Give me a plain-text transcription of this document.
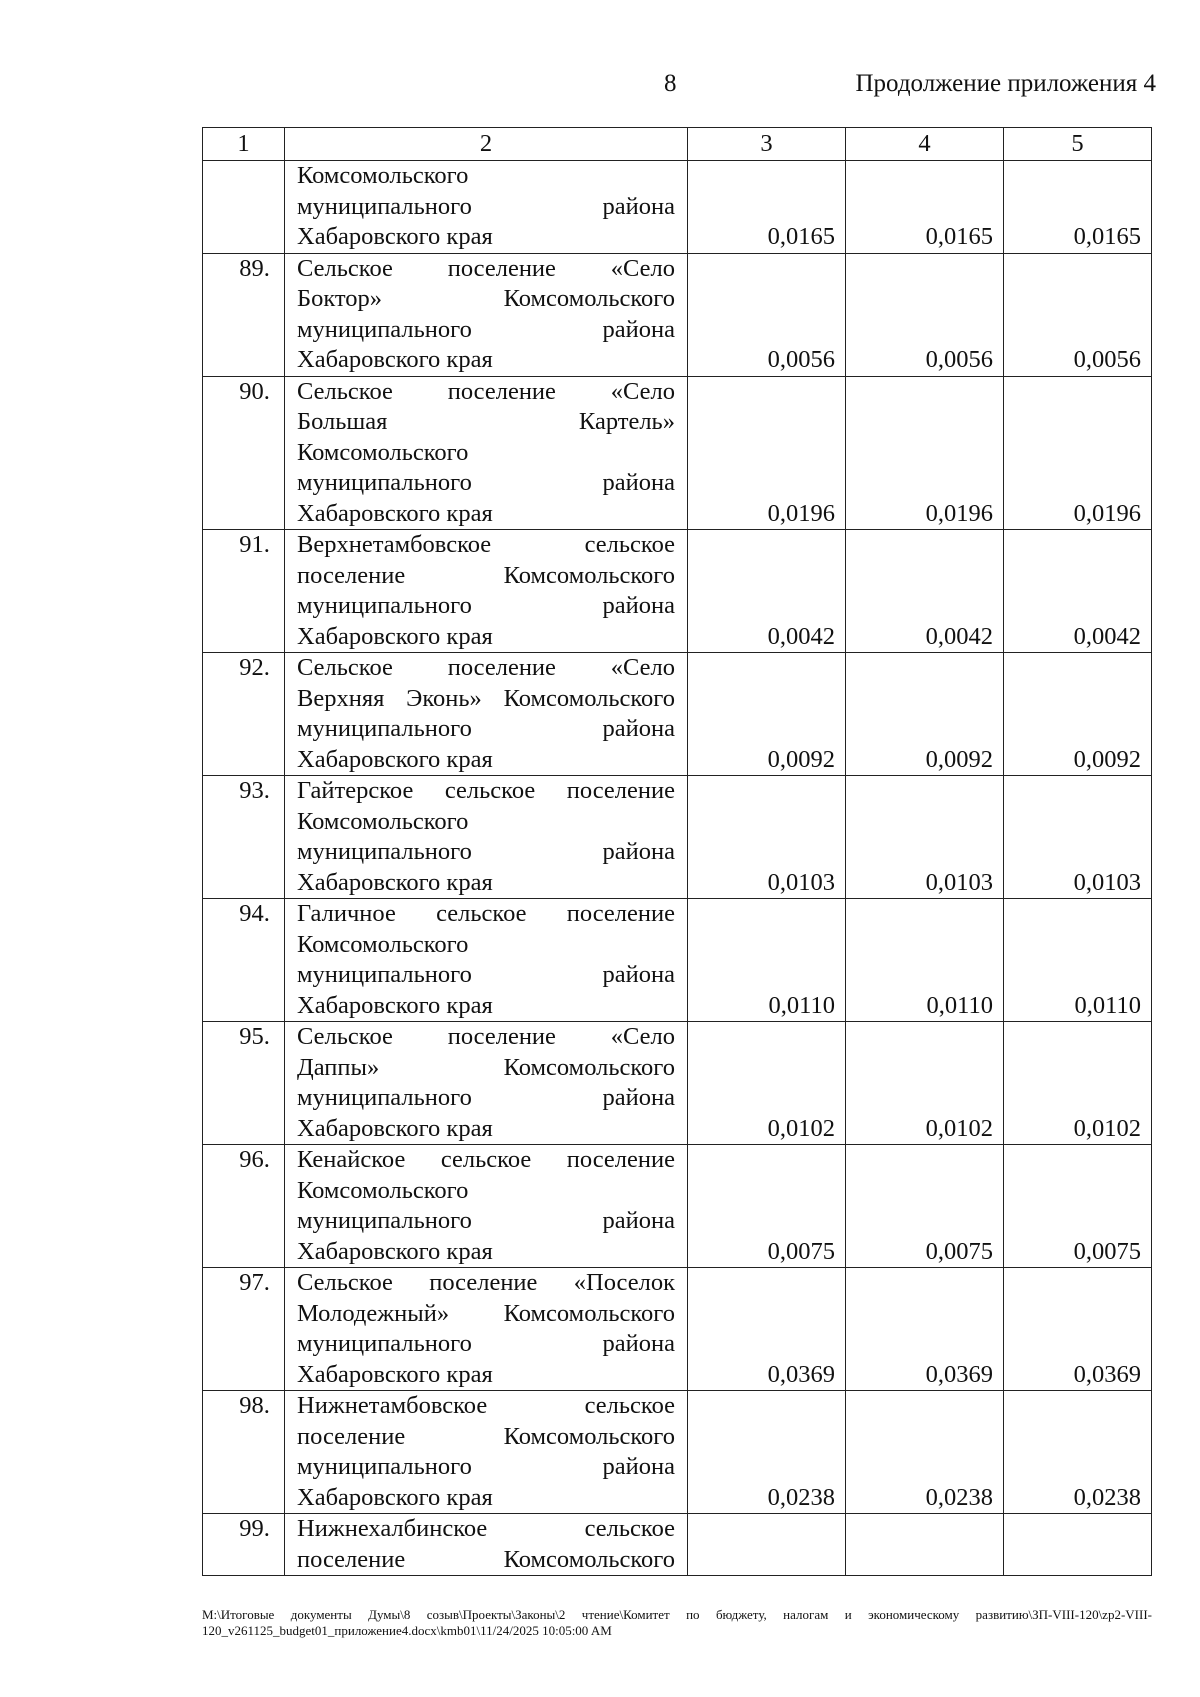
8	Продолжение приложения 4
1	2	3	4	5

	Комсомольского
муниципального района
Хабаровского края	0,0165	0,0165	0,0165
89.	Сельское поселение «Село
Боктор» Комсомольского
муниципального района
Хабаровского края	0,0056	0,0056	0,0056
90.	Сельское поселение «Село
Большая Картель»
Комсомольского
муниципального района
Хабаровского края	0,0196	0,0196	0,0196
91.	Верхнетамбовское сельское
поселение Комсомольского
муниципального района
Хабаровского края	0,0042	0,0042	0,0042
92.	Сельское поселение «Село
Верхняя Эконь» Комсомольского
муниципального района
Хабаровского края	0,0092	0,0092	0,0092
93.	Гайтерское сельское поселение
Комсомольского
муниципального района
Хабаровского края	0,0103	0,0103	0,0103
94.	Галичное сельское поселение
Комсомольского
муниципального района
Хабаровского края	0,0110	0,0110	0,0110
95.	Сельское поселение «Село
Даппы» Комсомольского
муниципального района
Хабаровского края	0,0102	0,0102	0,0102
96.	Кенайское сельское поселение
Комсомольского
муниципального района
Хабаровского края	0,0075	0,0075	0,0075
97.	Сельское поселение «Поселок
Молодежный» Комсомольского
муниципального района
Хабаровского края	0,0369	0,0369	0,0369
98.	Нижнетамбовское сельское
поселение Комсомольского
муниципального района
Хабаровского края	0,0238	0,0238	0,0238
99.	Нижнехалбинское сельское
поселение Комсомольского			

M:\Итоговые документы Думы\8 созыв\Проекты\Законы\2 чтение\Комитет по бюджету, налогам и экономическому развитию\ЗП-VIII-120\zp2-VIII-120_v261125_budget01_приложение4.docx\kmb01\11/24/2025 10:05:00 AM
